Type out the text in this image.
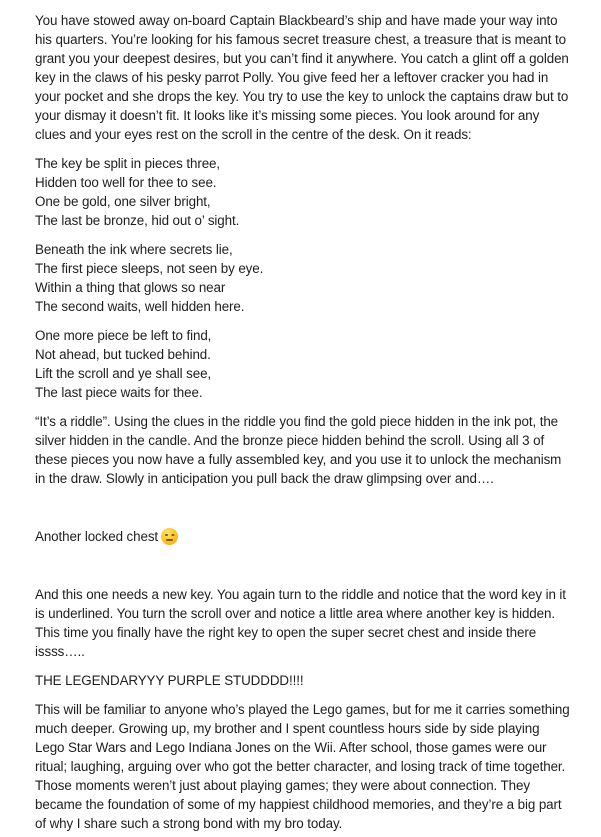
You have stowed away on-board Captain Blackbeard’s ship and have made your way into his quarters. You’re looking for his famous secret treasure chest, a treasure that is meant to grant you your deepest desires, but you can’t find it anywhere. You catch a glint off a golden key in the claws of his pesky parrot Polly. You give feed her a leftover cracker you had in your pocket and she drops the key. You try to use the key to unlock the captains draw but to your dismay it doesn’t fit. It looks like it’s missing some pieces. You look around for any clues and your eyes rest on the scroll in the centre of the desk. On it reads:

The key be split in pieces three,
Hidden too well for thee to see.
One be gold, one silver bright,
The last be bronze, hid out o’ sight.

Beneath the ink where secrets lie,
The first piece sleeps, not seen by eye.
Within a thing that glows so near
The second waits, well hidden here.

One more piece be left to find,
Not ahead, but tucked behind.
Lift the scroll and ye shall see,
The last piece waits for thee.

“It’s a riddle”. Using the clues in the riddle you find the gold piece hidden in the ink pot, the silver hidden in the candle. And the bronze piece hidden behind the scroll. Using all 3 of these pieces you now have a fully assembled key, and you use it to unlock the mechanism in the draw. Slowly in anticipation you pull back the draw glimpsing over and….

Another locked chest

And this one needs a new key. You again turn to the riddle and notice that the word key in it is underlined. You turn the scroll over and notice a little area where another key is hidden. This time you finally have the right key to open the super secret chest and inside there issss…..

THE LEGENDARYYY PURPLE STUDDDD!!!!

This will be familiar to anyone who’s played the Lego games, but for me it carries something much deeper. Growing up, my brother and I spent countless hours side by side playing Lego Star Wars and Lego Indiana Jones on the Wii. After school, those games were our ritual; laughing, arguing over who got the better character, and losing track of time together. Those moments weren’t just about playing games; they were about connection. They became the foundation of some of my happiest childhood memories, and they’re a big part of why I share such a strong bond with my bro today.
